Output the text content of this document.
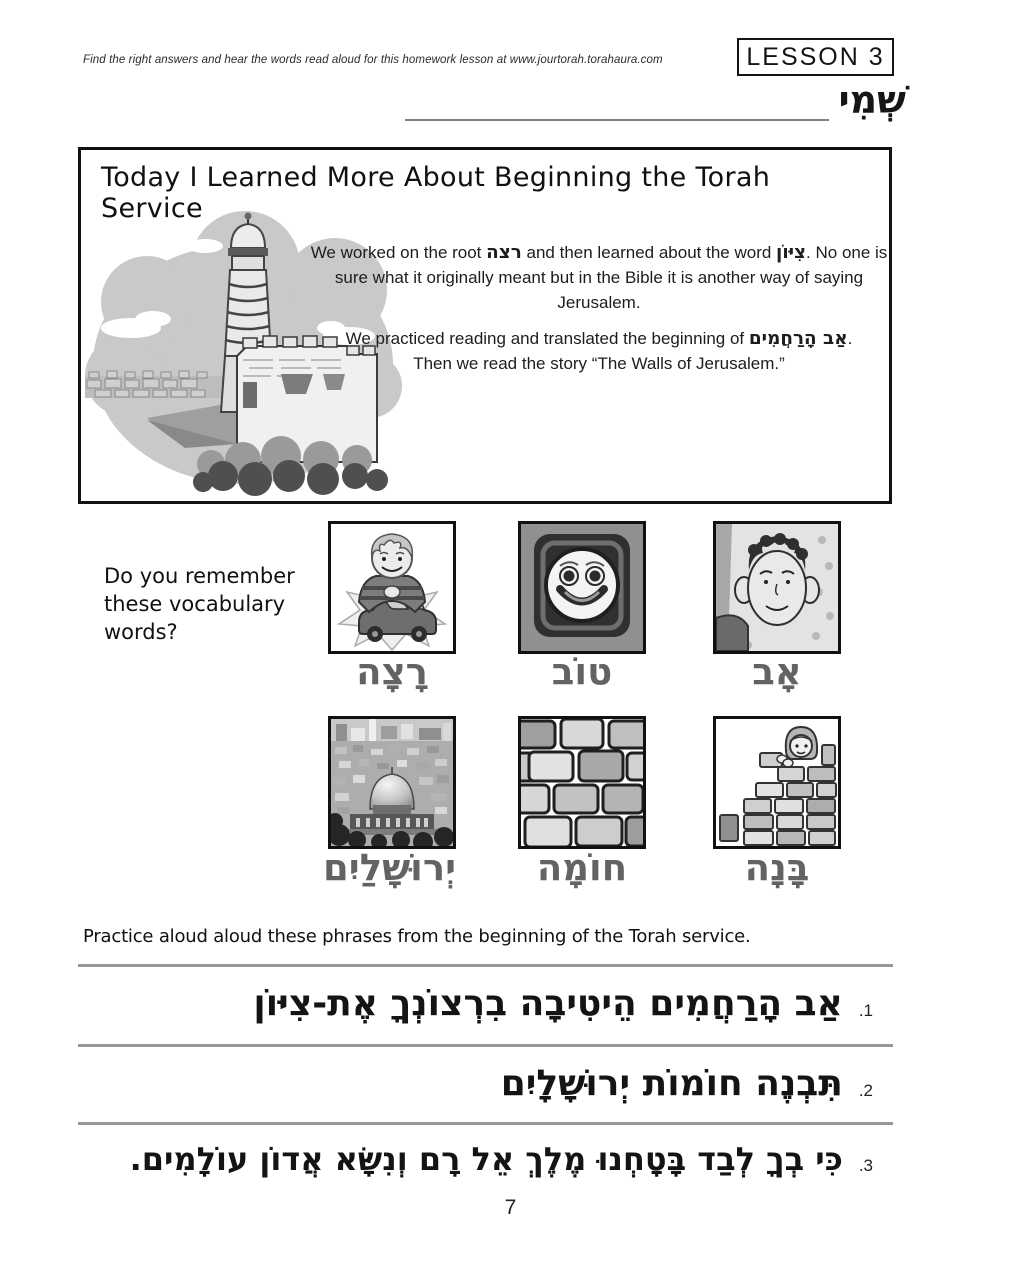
Find the right answers and hear the words read aloud for this homework lesson at www.jourtorah.torahaura.com	LESSON 3
שְׁמִי
Today I Learned More About Beginning the Torah Service
We worked on the root רצה and then learned about the word צִיּוֹן. No one is sure what it originally meant but in the Bible it is another way of saying Jerusalem.
We practiced reading and translated the beginning of אַב הָרַחֲמִים. Then we read the story “The Walls of Jerusalem.”
Do you remember these vocabulary words?
רָצָה	טוֹב	אָב
יְרוּשָׁלַיִם	חוֹמָה	בָּנָה
Practice aloud aloud these phrases from the beginning of the Torah service.
אַב הָרַחֲמִים הֵיטִיבָה בִרְצוֹנְךָ אֶת-צִיּוֹן .1
תִּבְנֶה חוֹמוֹת יְרוּשָׁלָיִם .2
כִּי בְךָ לְבַד בָּטָחְנוּ מֶלֶךְ אֵל רָם וְנִשָּׂא אֲדוֹן עוֹלָמִים. .3
7
